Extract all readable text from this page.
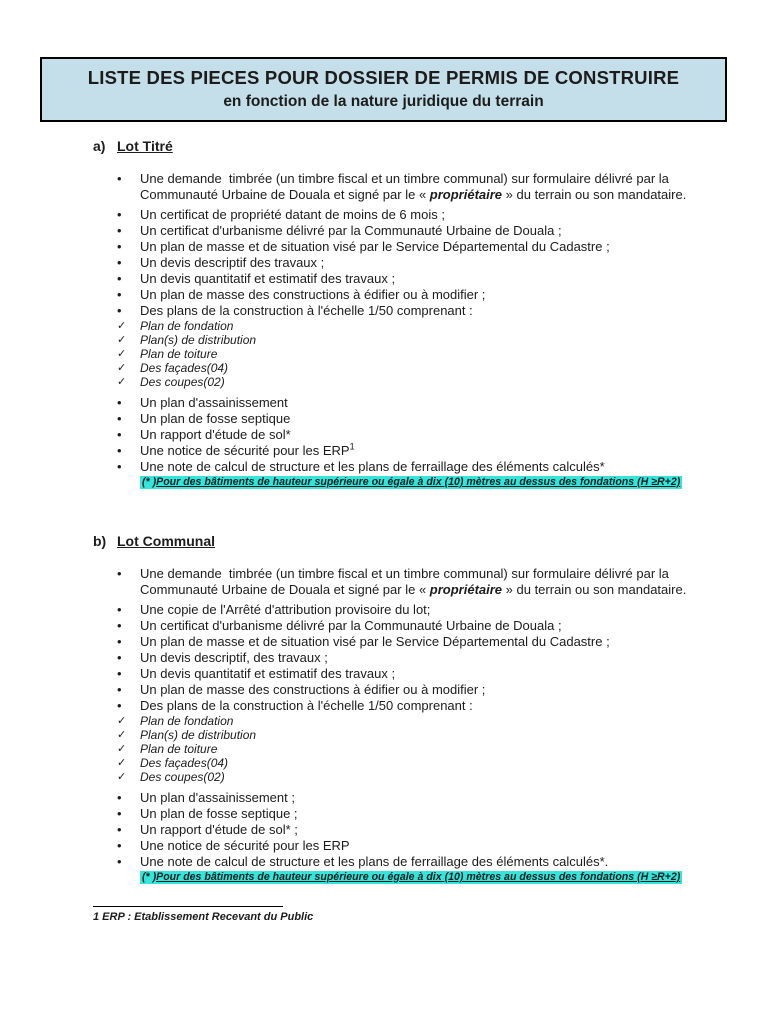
LISTE DES PIECES POUR DOSSIER DE PERMIS DE CONSTRUIRE
en fonction de la nature juridique du terrain
a) Lot Titré
•	Une demande  timbrée (un timbre fiscal et un timbre communal) sur formulaire délivré par la Communauté Urbaine de Douala et signé par le « propriétaire » du terrain ou son mandataire.
•	Un certificat de propriété datant de moins de 6 mois ;
•	Un certificat d'urbanisme délivré par la Communauté Urbaine de Douala ;
•	Un plan de masse et de situation visé par le Service Départemental du Cadastre ;
•	Un devis descriptif des travaux ;
•	Un devis quantitatif et estimatif des travaux ;
•	Un plan de masse des constructions à édifier ou à modifier ;
•	Des plans de la construction à l'échelle 1/50 comprenant :
✓	Plan de fondation
✓	Plan(s) de distribution
✓	Plan de toiture
✓	Des façades(04)
✓	Des coupes(02)
•	Un plan d'assainissement
•	Un plan de fosse septique
•	Un rapport d'étude de sol*
•	Une notice de sécurité pour les ERP$^1$
•	Une note de calcul de structure et les plans de ferraillage des éléments calculés*
(* )Pour des bâtiments de hauteur supérieure ou égale à dix (10) mètres au dessus des fondations (H ≥R+2)
b) Lot Communal
•	Une demande  timbrée (un timbre fiscal et un timbre communal) sur formulaire délivré par la Communauté Urbaine de Douala et signé par le « propriétaire » du terrain ou son mandataire.
•	Une copie de l'Arrêté d'attribution provisoire du lot;
•	Un certificat d'urbanisme délivré par la Communauté Urbaine de Douala ;
•	Un plan de masse et de situation visé par le Service Départemental du Cadastre ;
•	Un devis descriptif, des travaux ;
•	Un devis quantitatif et estimatif des travaux ;
•	Un plan de masse des constructions à édifier ou à modifier ;
•	Des plans de la construction à l'échelle 1/50 comprenant :
✓	Plan de fondation
✓	Plan(s) de distribution
✓	Plan de toiture
✓	Des façades(04)
✓	Des coupes(02)
•	Un plan d'assainissement ;
•	Un plan de fosse septique ;
•	Un rapport d'étude de sol* ;
•	Une notice de sécurité pour les ERP
•	Une note de calcul de structure et les plans de ferraillage des éléments calculés*.
(* )Pour des bâtiments de hauteur supérieure ou égale à dix (10) mètres au dessus des fondations (H ≥R+2)
1 ERP : Etablissement Recevant du Public
